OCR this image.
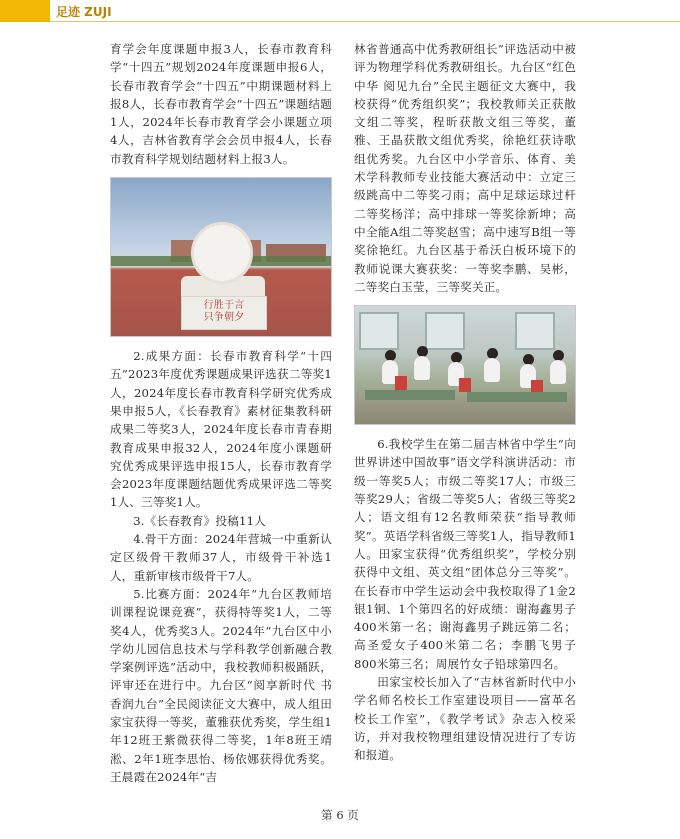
足迹 ZUJI

育学会年度课题申报3人，长春市教育科学“十四五”规划2024年度课题申报6人，长春市教育学会“十四五”中期课题材料上报8人，长春市教育学会“十四五”课题结题1人，2024年长春市教育学会小课题立项4人，吉林省教育学会会员申报4人，长春市教育科学规划结题材料上报3人。

行胜于言
只争朝夕

2.成果方面：长春市教育科学“十四五”2023年度优秀课题成果评选获二等奖1人，2024年度长春市教育科学研究优秀成果申报5人，《长春教育》素材征集教科研成果二等奖3人，2024年度长春市青春期教育成果申报32人，2024年度小课题研究优秀成果评选申报15人，长春市教育学会2023年度课题结题优秀成果评选二等奖1人、三等奖1人。

3.《长春教育》投稿11人

4.骨干方面：2024年营城一中重新认定区级骨干教师37人，市级骨干补选1人，重新审核市级骨干7人。

5.比赛方面：2024年“九台区教师培训课程说课竞赛”，获得特等奖1人，二等奖4人，优秀奖3人。2024年“九台区中小学幼儿园信息技术与学科教学创新融合教学案例评选”活动中，我校教师积极踊跃，评审还在进行中。九台区“阅享新时代 书香润九台”全民阅读征文大赛中，成人组田家宝获得一等奖，董雅获优秀奖，学生组1年12班王紫微获得二等奖，1年8班王靖淞、2年1班李思怡、杨依娜获得优秀奖。王晨霞在2024年“吉

林省普通高中优秀教研组长”评选活动中被评为物理学科优秀教研组长。九台区“红色中华 阅见九台”全民主题征文大赛中，我校获得“优秀组织奖”；我校教师关正获散文组二等奖，程昕获散文组三等奖，董雅、王晶获散文组优秀奖，徐艳红获诗歌组优秀奖。九台区中小学音乐、体育、美术学科教师专业技能大赛活动中：立定三级跳高中二等奖刁雨；高中足球运球过杆二等奖杨洋；高中排球一等奖徐新坤；高中全能A组二等奖赵雪；高中速写B组一等奖徐艳红。九台区基于希沃白板环境下的教师说课大赛获奖：一等奖李鹏、吴彬，二等奖白玉莹，三等奖关正。

6.我校学生在第二届吉林省中学生“向世界讲述中国故事”语文学科演讲活动：市级一等奖5人；市级二等奖17人；市级三等奖29人；省级二等奖5人；省级三等奖2人；语文组有12名教师荣获“指导教师奖”。英语学科省级三等奖1人，指导教师1人。田家宝获得“优秀组织奖”，学校分别获得中文组、英文组“团体总分三等奖”。在长春市中学生运动会中我校取得了1金2银1铜、1个第四名的好成绩：谢海鑫男子400米第一名；谢海鑫男子跳远第二名；高圣爱女子400米第二名；李鹏飞男子800米第三名；周展竹女子铅球第四名。

田家宝校长加入了“吉林省新时代中小学名师名校长工作室建设项目——富革名校长工作室”，《教学考试》杂志入校采访，并对我校物理组建设情况进行了专访和报道。

第 6 页
